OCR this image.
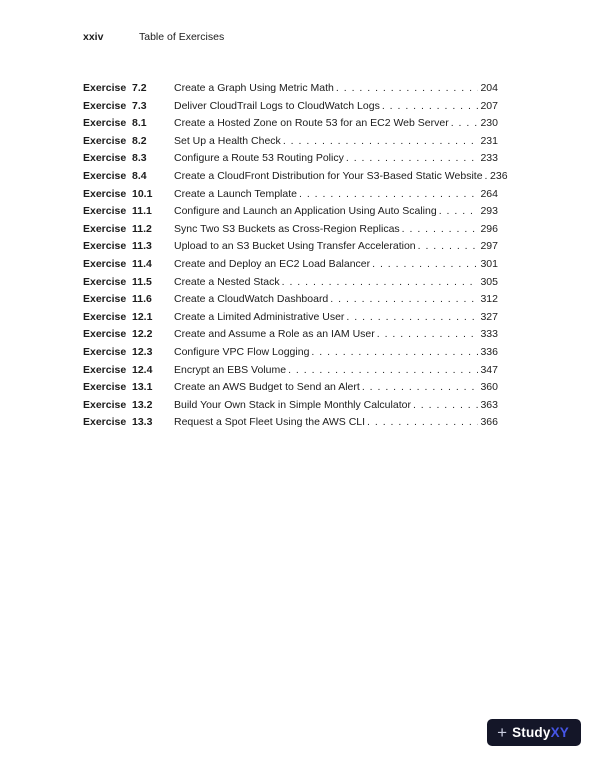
xxiv	Table of Exercises
Exercise 7.2	Create a Graph Using Metric Math . . .	204
Exercise 7.3	Deliver CloudTrail Logs to CloudWatch Logs . . .	207
Exercise 8.1	Create a Hosted Zone on Route 53 for an EC2 Web Server . . .	230
Exercise 8.2	Set Up a Health Check . . .	231
Exercise 8.3	Configure a Route 53 Routing Policy . . .	233
Exercise 8.4	Create a CloudFront Distribution for Your S3-Based Static Website . . . 236
Exercise 10.1	Create a Launch Template . . .	264
Exercise 11.1	Configure and Launch an Application Using Auto Scaling . . .	293
Exercise 11.2	Sync Two S3 Buckets as Cross-Region Replicas . . .	296
Exercise 11.3	Upload to an S3 Bucket Using Transfer Acceleration . . .	297
Exercise 11.4	Create and Deploy an EC2 Load Balancer . . .	301
Exercise 11.5	Create a Nested Stack . . .	305
Exercise 11.6	Create a CloudWatch Dashboard . . .	312
Exercise 12.1	Create a Limited Administrative User . . .	327
Exercise 12.2	Create and Assume a Role as an IAM User . . .	333
Exercise 12.3	Configure VPC Flow Logging . . .	336
Exercise 12.4	Encrypt an EBS Volume . . .	347
Exercise 13.1	Create an AWS Budget to Send an Alert . . .	360
Exercise 13.2	Build Your Own Stack in Simple Monthly Calculator . . .	363
Exercise 13.3	Request a Spot Fleet Using the AWS CLI . . .	366
+ StudyXY
